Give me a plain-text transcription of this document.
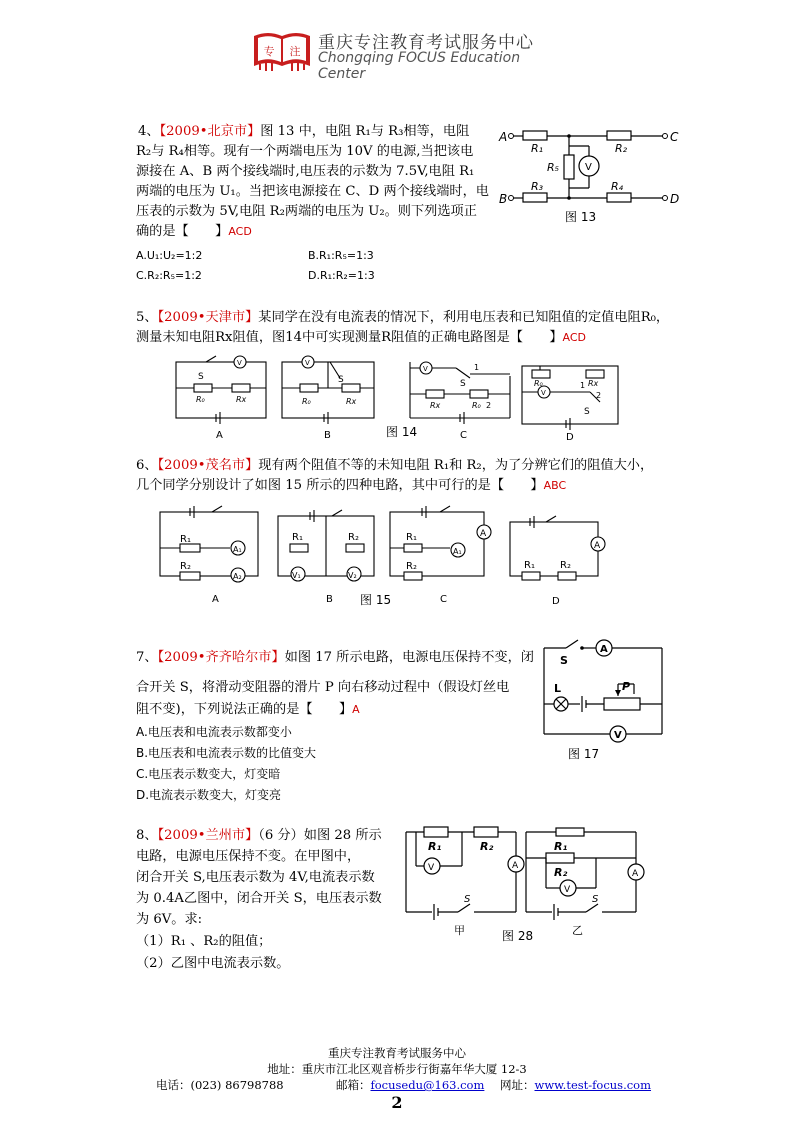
专 注 重庆专注教育考试服务中心
Chongqing FOCUS Education Center
4、【2009•北京市】图 13 中，电阻 R₁与 R₃相等，电阻
R₂与 R₄相等。现有一个两端电压为 10V 的电源,当把该电
源接在 A、B 两个接线端时,电压表的示数为 7.5V,电阻 R₁
两端的电压为 U₁。当把该电源接在 C、D 两个接线端时，电
压表的示数为 5V,电阻 R₂两端的电压为 U₂。则下列选项正
确的是【　　】ACD
A.U₁:U₂=1:2	B.R₁:R₅=1:3
C.R₂:R₅=1:2	D.R₁:R₂=1:3
A	C
B	D
R₁	R₂
R₃	R₄
R₅	V
图 13
5、【2009•天津市】某同学在没有电流表的情况下，利用电压表和已知阻值的定值电阻R₀，
测量未知电阻Rx阻值，图14中可实现测量R阻值的正确电路图是【　　】ACD
S
V
R₀	Rx
V
S
R₀	Rx
V
S
1
2
Rx	R₀
R₀	Rx
V
1
2
S
A	B	图 14	C	D
6、【2009•茂名市】现有两个阻值不等的未知电阻 R₁和 R₂，为了分辨它们的阻值大小，
几个同学分别设计了如图 15 所示的四种电路，其中可行的是【　　】ABC
R₁
R₂
A₁
A₂
R₁	R₂
V₁	V₂
R₁
R₂
A₁
A
R₁	R₂
A
A	B 图 15	C	D
7、【2009•齐齐哈尔市】如图 17 所示电路，电源电压保持不变，闭
合开关 S，将滑动变阻器的滑片 P 向右移动过程中（假设灯丝电
阻不变)，下列说法正确的是【　　】A
A.电压表和电流表示数都变小
B.电压表和电流表示数的比值变大
C.电压表示数变大，灯变暗
D.电流表示数变大，灯变亮
S
A
L	P
V
图 17
8、【2009•兰州市】（6 分）如图 28 所示
电路，电源电压保持不变。在甲图中，
闭合开关 S,电压表示数为 4V,电流表示数
为 0.4A乙图中，闭合开关 S，电压表示数
为 6V。求:
（1）R₁ 、R₂的阻值；
（2）乙图中电流表示数。
R₁	R₂
V	A
S
R₁
R₂
V
A
S
甲	图 28	乙
重庆专注教育考试服务中心
地址：重庆市江北区观音桥步行街嘉年华大厦 12-3
电话：(023) 86798788	邮箱：focusedu@163.com 网址：www.test-focus.com
2
